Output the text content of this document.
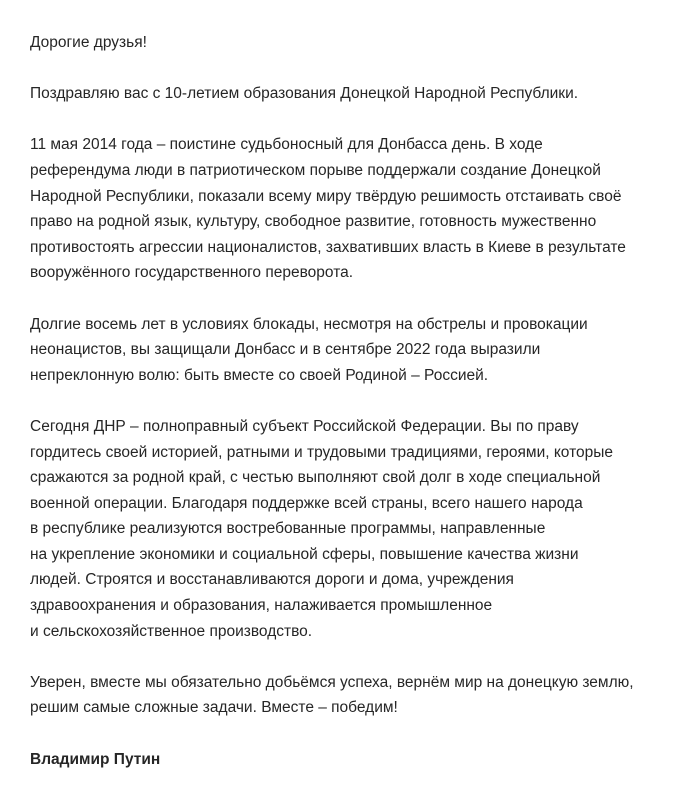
Дорогие друзья!

Поздравляю вас с 10-летием образования Донецкой Народной Республики.

11 мая 2014 года – поистине судьбоносный для Донбасса день. В ходе
референдума люди в патриотическом порыве поддержали создание Донецкой
Народной Республики, показали всему миру твёрдую решимость отстаивать своё
право на родной язык, культуру, свободное развитие, готовность мужественно
противостоять агрессии националистов, захвативших власть в Киеве в результате
вооружённого государственного переворота.

Долгие восемь лет в условиях блокады, несмотря на обстрелы и провокации
неонацистов, вы защищали Донбасс и в сентябре 2022 года выразили
непреклонную волю: быть вместе со своей Родиной – Россией.

Сегодня ДНР – полноправный субъект Российской Федерации. Вы по праву
гордитесь своей историей, ратными и трудовыми традициями, героями, которые
сражаются за родной край, с честью выполняют свой долг в ходе специальной
военной операции. Благодаря поддержке всей страны, всего нашего народа
в республике реализуются востребованные программы, направленные
на укрепление экономики и социальной сферы, повышение качества жизни
людей. Строятся и восстанавливаются дороги и дома, учреждения
здравоохранения и образования, налаживается промышленное
и сельскохозяйственное производство.

Уверен, вместе мы обязательно добьёмся успеха, вернём мир на донецкую землю,
решим самые сложные задачи. Вместе – победим!

Владимир Путин
